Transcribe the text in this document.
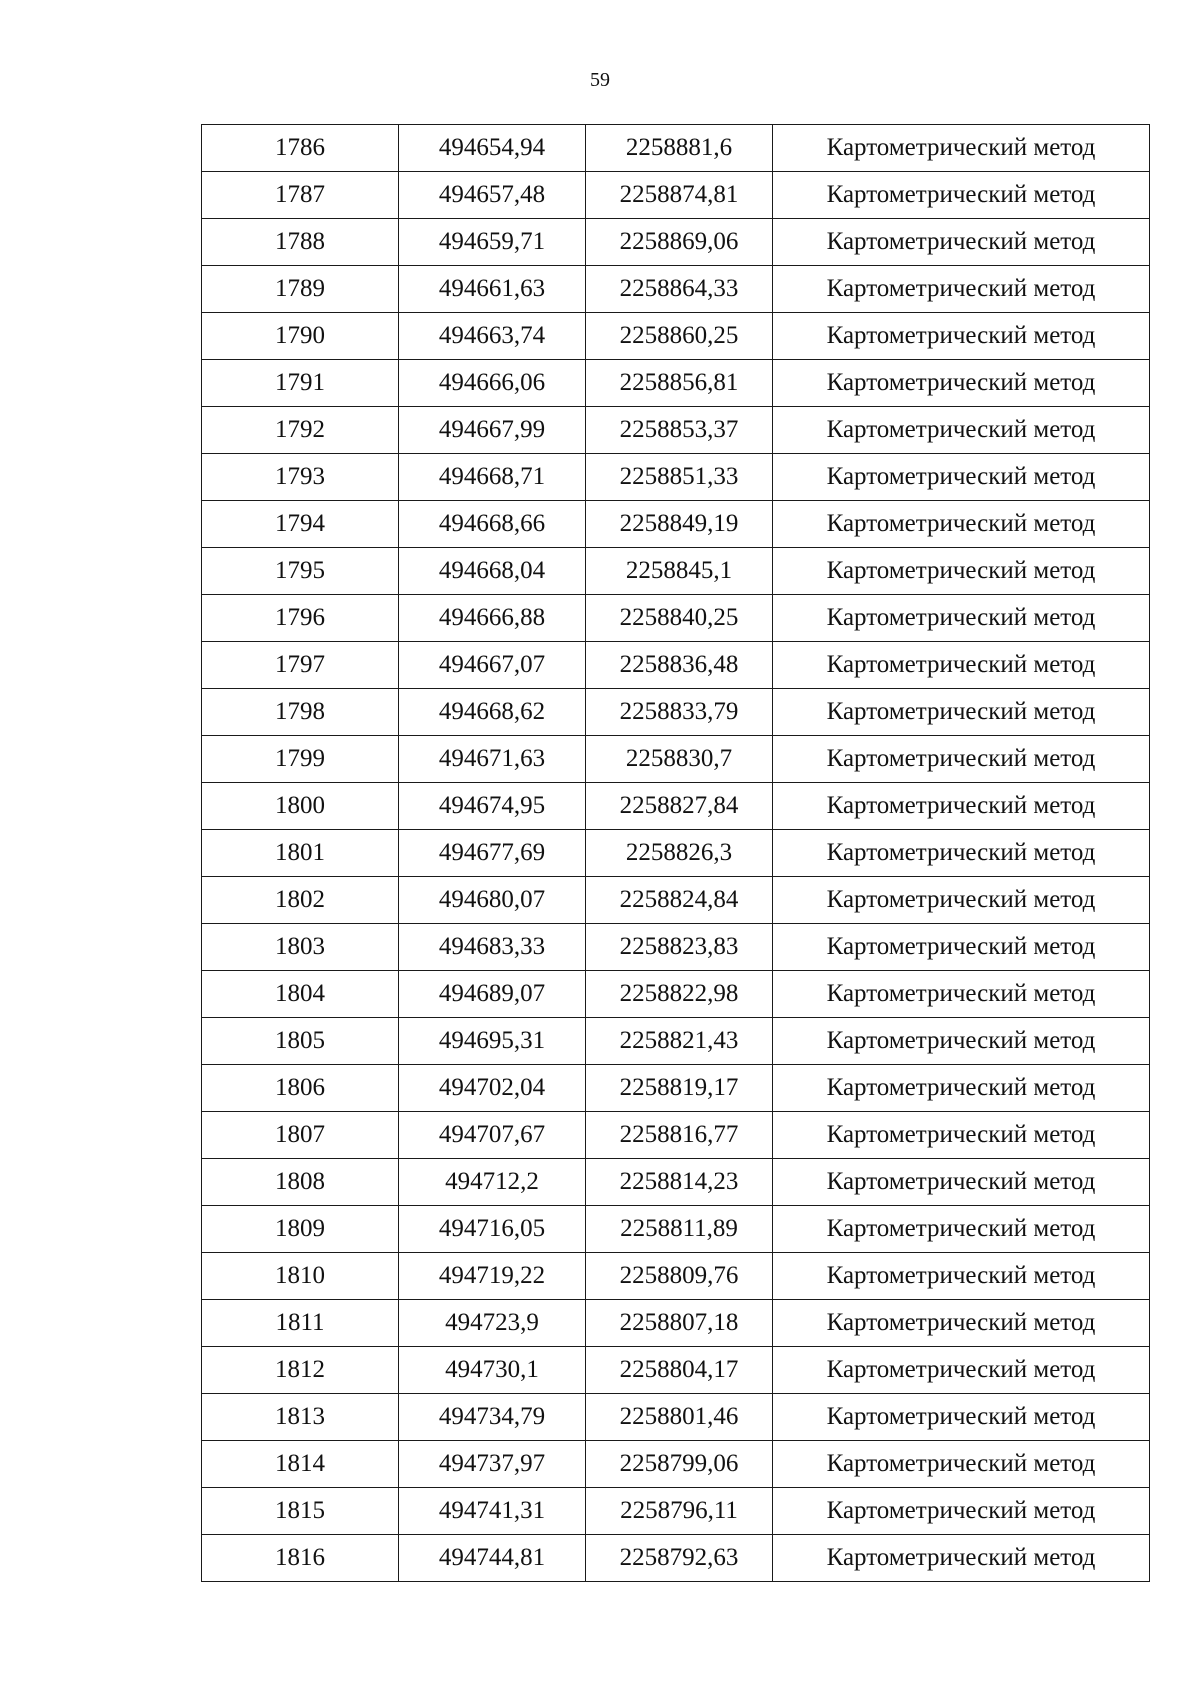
59
1786	494654,94	2258881,6	Картометрический метод
1787	494657,48	2258874,81	Картометрический метод
1788	494659,71	2258869,06	Картометрический метод
1789	494661,63	2258864,33	Картометрический метод
1790	494663,74	2258860,25	Картометрический метод
1791	494666,06	2258856,81	Картометрический метод
1792	494667,99	2258853,37	Картометрический метод
1793	494668,71	2258851,33	Картометрический метод
1794	494668,66	2258849,19	Картометрический метод
1795	494668,04	2258845,1	Картометрический метод
1796	494666,88	2258840,25	Картометрический метод
1797	494667,07	2258836,48	Картометрический метод
1798	494668,62	2258833,79	Картометрический метод
1799	494671,63	2258830,7	Картометрический метод
1800	494674,95	2258827,84	Картометрический метод
1801	494677,69	2258826,3	Картометрический метод
1802	494680,07	2258824,84	Картометрический метод
1803	494683,33	2258823,83	Картометрический метод
1804	494689,07	2258822,98	Картометрический метод
1805	494695,31	2258821,43	Картометрический метод
1806	494702,04	2258819,17	Картометрический метод
1807	494707,67	2258816,77	Картометрический метод
1808	494712,2	2258814,23	Картометрический метод
1809	494716,05	2258811,89	Картометрический метод
1810	494719,22	2258809,76	Картометрический метод
1811	494723,9	2258807,18	Картометрический метод
1812	494730,1	2258804,17	Картометрический метод
1813	494734,79	2258801,46	Картометрический метод
1814	494737,97	2258799,06	Картометрический метод
1815	494741,31	2258796,11	Картометрический метод
1816	494744,81	2258792,63	Картометрический метод
